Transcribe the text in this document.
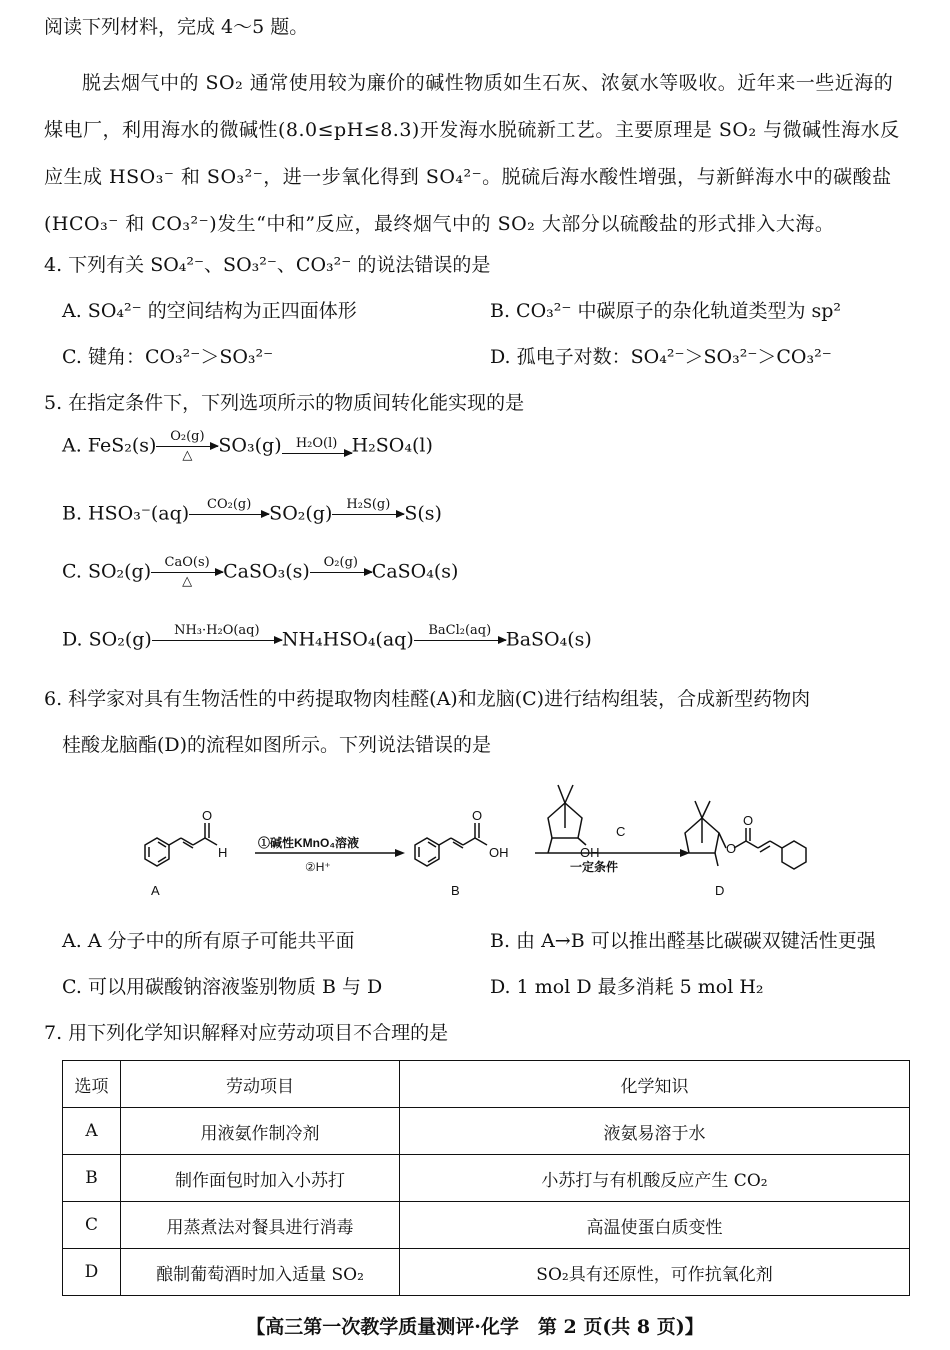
阅读下列材料，完成 4～5 题。
脱去烟气中的 SO₂ 通常使用较为廉价的碱性物质如生石灰、浓氨水等吸收。近年来一些近海的煤电厂，利用海水的微碱性(8.0≤pH≤8.3)开发海水脱硫新工艺。主要原理是 SO₂ 与微碱性海水反应生成 HSO₃⁻ 和 SO₃²⁻，进一步氧化得到 SO₄²⁻。脱硫后海水酸性增强，与新鲜海水中的碳酸盐(HCO₃⁻ 和 CO₃²⁻)发生“中和”反应，最终烟气中的 SO₂ 大部分以硫酸盐的形式排入大海。
4. 下列有关 SO₄²⁻、SO₃²⁻、CO₃²⁻ 的说法错误的是
A. SO₄²⁻ 的空间结构为正四面体形	B. CO₃²⁻ 中碳原子的杂化轨道类型为 sp²
C. 键角：CO₃²⁻＞SO₃²⁻	D. 孤电子对数：SO₄²⁻＞SO₃²⁻＞CO₃²⁻
5. 在指定条件下，下列选项所示的物质间转化能实现的是
A. FeS₂(s)	O₂(g)
△	SO₃(g)	H₂O(l) H₂SO₄(l)
B. HSO₃⁻(aq)	CO₂(g)
SO₂(g)	H₂S(g)
S(s)
C. SO₂(g)	CaO(s)
△	CaSO₃(s)	O₂(g)
CaSO₄(s)
D. SO₂(g)	NH₃·H₂O(aq)
	NH₄HSO₄(aq)	BaCl₂(aq)
BaSO₄(s)
6. 科学家对具有生物活性的中药提取物肉桂醛(A)和龙脑(C)进行结构组装，合成新型药物肉
桂酸龙脑酯(D)的流程如图所示。下列说法错误的是
A
O
H
①碱性KMnO₄溶液
②H⁺
B
O
OH
C
OH
一定条件
O
O
D
A. A 分子中的所有原子可能共平面	B. 由 A→B 可以推出醛基比碳碳双键活性更强
C. 可以用碳酸钠溶液鉴别物质 B 与 D	D. 1 mol D 最多消耗 5 mol H₂
7. 用下列化学知识解释对应劳动项目不合理的是
选项	劳动项目	化学知识
A	用液氨作制冷剂	液氨易溶于水
B	制作面包时加入小苏打	小苏打与有机酸反应产生 CO₂
C	用蒸煮法对餐具进行消毒	高温使蛋白质变性
D	酿制葡萄酒时加入适量 SO₂	SO₂具有还原性，可作抗氧化剂
【高三第一次教学质量测评·化学　第 2 页(共 8 页)】
